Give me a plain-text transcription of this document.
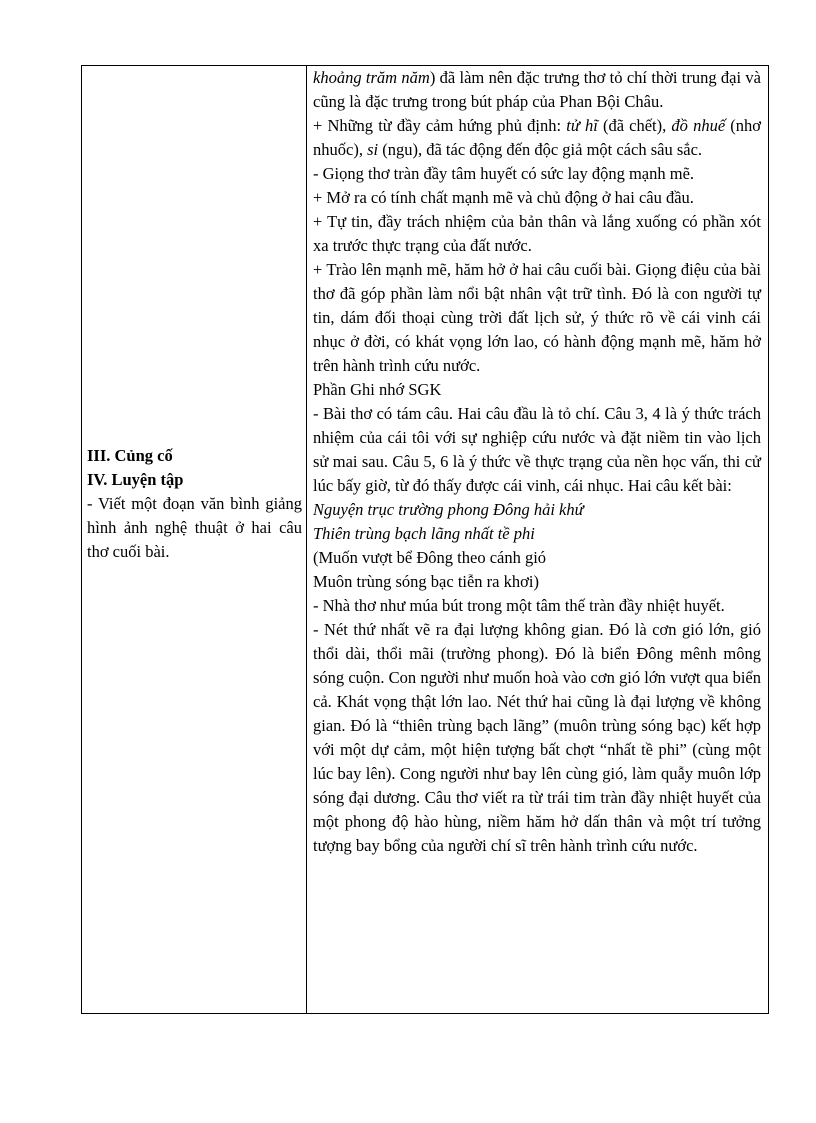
III. Củng cố

IV. Luyện tập

- Viết một đoạn văn bình giảng hình ảnh nghệ thuật ở hai câu thơ cuối bài.

khoảng trăm năm) đã làm nên đặc trưng thơ tỏ chí thời trung đại và cũng là đặc trưng trong bút pháp của Phan Bội Châu.

+ Những từ đầy cảm hứng phủ định: tử hĩ (đã chết), đồ nhuế (nhơ nhuốc), si (ngu), đã tác động đến độc giả một cách sâu sắc.

- Giọng thơ tràn đầy tâm huyết có sức lay động mạnh mẽ.

+ Mở ra có tính chất mạnh mẽ và chủ động ở hai câu đầu.

+ Tự tin, đầy trách nhiệm của bản thân và lắng xuống có phần xót xa trước thực trạng của đất nước.

+ Trào lên mạnh mẽ, hăm hở ở hai câu cuối bài. Giọng điệu của bài thơ đã góp phần làm nổi bật nhân vật trữ tình. Đó là con người tự tin, dám đối thoại cùng trời đất lịch sử, ý thức rõ về cái vinh cái nhục ở đời, có khát vọng lớn lao, có hành động mạnh mẽ, hăm hở trên hành trình cứu nước.

Phần Ghi nhớ SGK

- Bài thơ có tám câu. Hai câu đầu là tỏ chí. Câu 3, 4 là ý thức trách nhiệm của cái tôi với sự nghiệp cứu nước và đặt niềm tin vào lịch sử mai sau. Câu 5, 6 là ý thức về thực trạng của nền học vấn, thi cử lúc bấy giờ, từ đó thấy được cái vinh, cái nhục. Hai câu kết bài:

Nguyện trục trường phong Đông hải khứ

Thiên trùng bạch lãng nhất tề phi

(Muốn vượt bể Đông theo cánh gió

Muôn trùng sóng bạc tiễn ra khơi)

- Nhà thơ như múa bút trong một tâm thế tràn đầy nhiệt huyết.

- Nét thứ nhất vẽ ra đại lượng không gian. Đó là cơn gió lớn, gió thổi dài, thổi mãi (trường phong). Đó là biển Đông mênh mông sóng cuộn. Con người như muốn hoà vào cơn gió lớn vượt qua biển cả. Khát vọng thật lớn lao. Nét thứ hai cũng là đại lượng về không gian. Đó là “thiên trùng bạch lãng” (muôn trùng sóng bạc) kết hợp với một dự cảm, một hiện tượng bất chợt “nhất tề phi” (cùng một lúc bay lên). Cong người như bay lên cùng gió, làm quẫy muôn lớp sóng đại dương. Câu thơ viết ra từ trái tim tràn đầy nhiệt huyết của một phong độ hào hùng, niềm hăm hở dấn thân và một trí tưởng tượng bay bổng của người chí sĩ trên hành trình cứu nước.
